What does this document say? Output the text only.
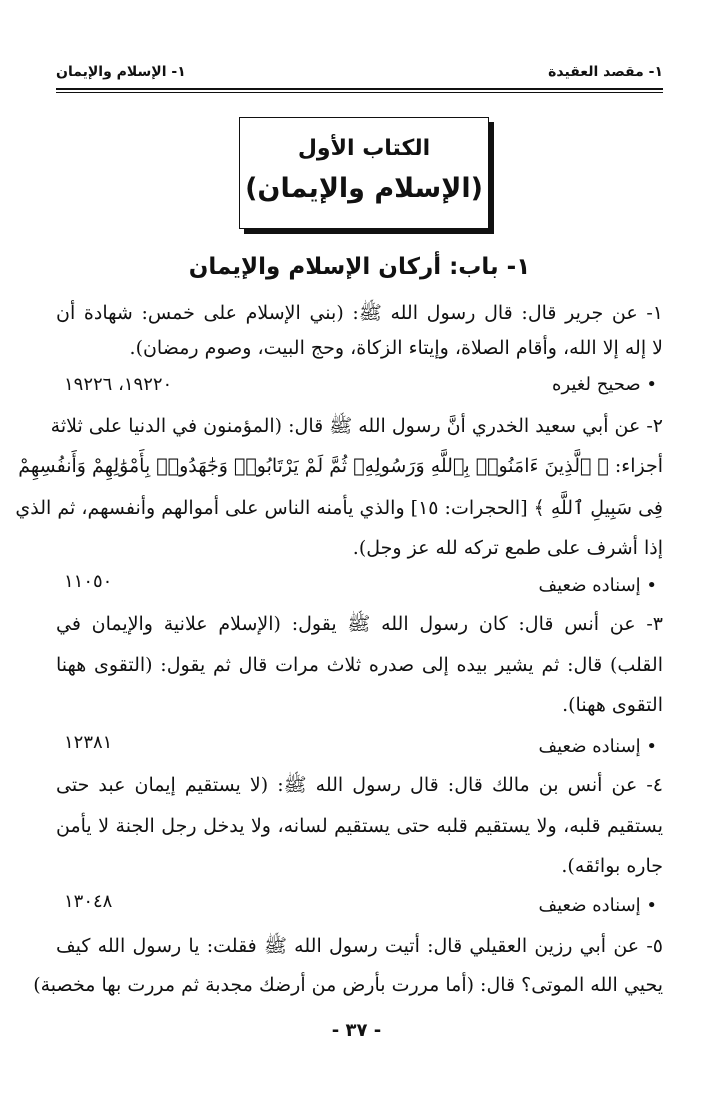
١- مقصد العقيدة
١- الإسلام والإيمان
الكتاب الأول
(الإسلام والإيمان)
١- باب: أركان الإسلام والإيمان
١- عن جرير قال: قال رسول الله ﷺ: (بني الإسلام على خمس: شهادة أن
لا إله إلا الله، وأقام الصلاة، وإيتاء الزكاة، وحج البيت، وصوم رمضان).
• صحيح لغيره
١٩٢٢٠، ١٩٢٢٦
٢- عن أبي سعيد الخدري أنَّ رسول الله ﷺ قال: (المؤمنون في الدنيا على ثلاثة
أجزاء: ﴿ ٱلَّذِينَ ءَامَنُوا۟ بِٱللَّهِ وَرَسُولِهِۦ ثُمَّ لَمْ يَرْتَابُوا۟ وَجَٰهَدُوا۟ بِأَمْوَٰلِهِمْ وَأَنفُسِهِمْ
فِى سَبِيلِ ٱللَّهِ ﴾ [الحجرات: ١٥] والذي يأمنه الناس على أموالهم وأنفسهم، ثم الذي
إذا أشرف على طمع تركه لله عز وجل).
• إسناده ضعيف
١١٠٥٠
٣- عن أنس قال: كان رسول الله ﷺ يقول: (الإسلام علانية والإيمان في
القلب) قال: ثم يشير بيده إلى صدره ثلاث مرات قال ثم يقول: (التقوى ههنا
التقوى ههنا).
• إسناده ضعيف
١٢٣٨١
٤- عن أنس بن مالك قال: قال رسول الله ﷺ: (لا يستقيم إيمان عبد حتى
يستقيم قلبه، ولا يستقيم قلبه حتى يستقيم لسانه، ولا يدخل رجل الجنة لا يأمن
جاره بوائقه).
• إسناده ضعيف
١٣٠٤٨
٥- عن أبي رزين العقيلي قال: أتيت رسول الله ﷺ فقلت: يا رسول الله كيف
يحيي الله الموتى؟ قال: (أما مررت بأرض من أرضك مجدبة ثم مررت بها مخصبة)
- ٣٧ -
